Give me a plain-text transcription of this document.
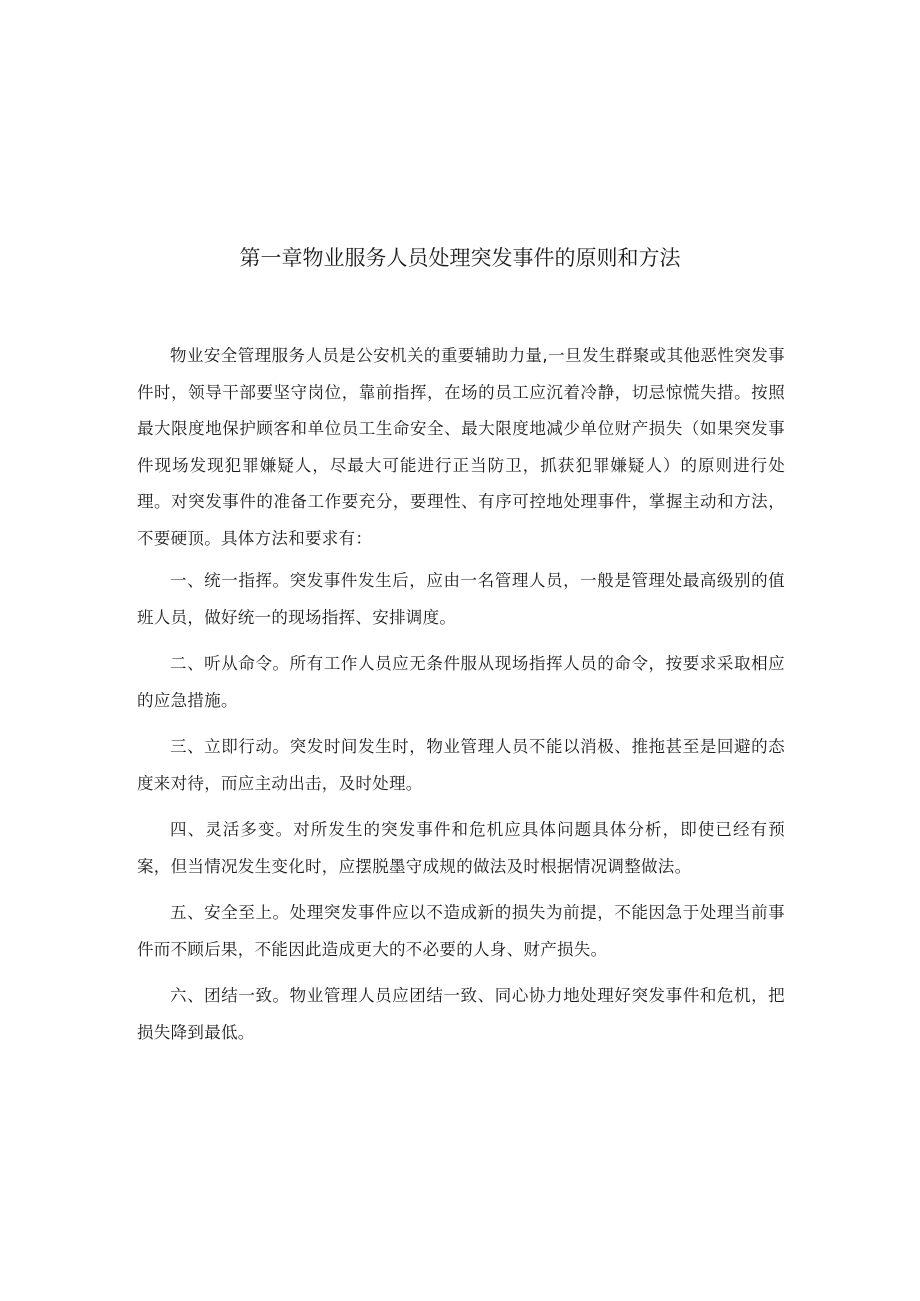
第一章物业服务人员处理突发事件的原则和方法

物业安全管理服务人员是公安机关的重要辅助力量,一旦发生群聚或其他恶性突发事件时，领导干部要坚守岗位，靠前指挥，在场的员工应沉着冷静，切忌惊慌失措。按照最大限度地保护顾客和单位员工生命安全、最大限度地减少单位财产损失（如果突发事件现场发现犯罪嫌疑人，尽最大可能进行正当防卫，抓获犯罪嫌疑人）的原则进行处理。对突发事件的准备工作要充分，要理性、有序可控地处理事件，掌握主动和方法，不要硬顶。具体方法和要求有：

一、统一指挥。突发事件发生后，应由一名管理人员，一般是管理处最高级别的值班人员，做好统一的现场指挥、安排调度。

二、听从命令。所有工作人员应无条件服从现场指挥人员的命令，按要求采取相应的应急措施。

三、立即行动。突发时间发生时，物业管理人员不能以消极、推拖甚至是回避的态度来对待，而应主动出击，及时处理。

四、灵活多变。对所发生的突发事件和危机应具体问题具体分析，即使已经有预案，但当情况发生变化时，应摆脱墨守成规的做法及时根据情况调整做法。

五、安全至上。处理突发事件应以不造成新的损失为前提，不能因急于处理当前事件而不顾后果，不能因此造成更大的不必要的人身、财产损失。

六、团结一致。物业管理人员应团结一致、同心协力地处理好突发事件和危机，把损失降到最低。
